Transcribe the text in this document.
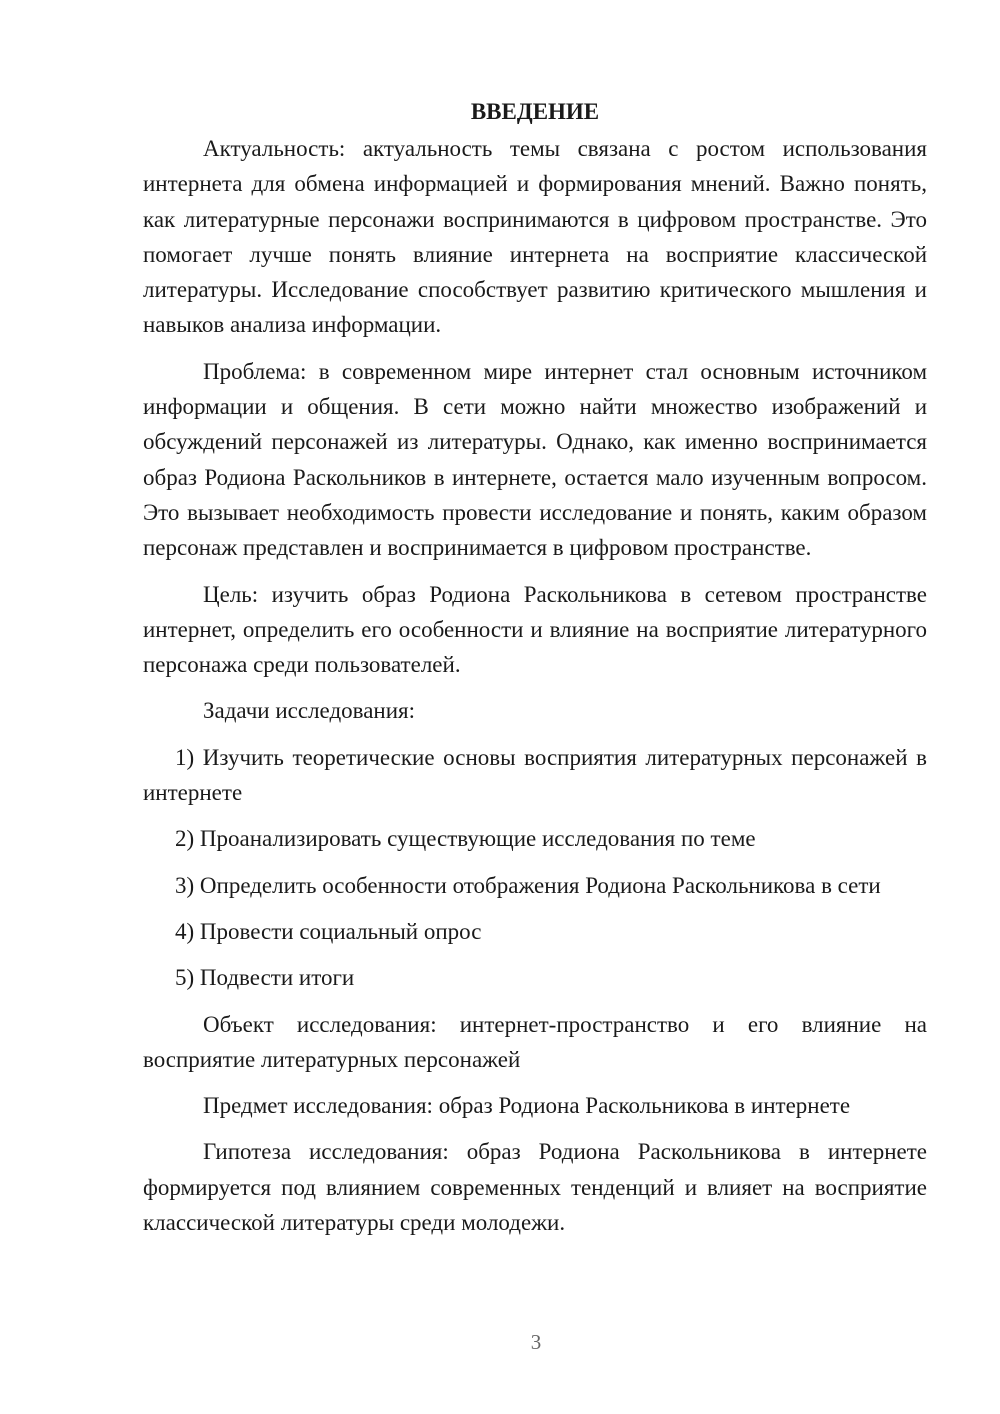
ВВЕДЕНИЕ

Актуальность: актуальность темы связана с ростом использования интернета для обмена информацией и формирования мнений. Важно понять, как литературные персонажи воспринимаются в цифровом пространстве. Это помогает лучше понять влияние интернета на восприятие классической литературы. Исследование способствует развитию критического мышления и навыков анализа информации.

Проблема: в современном мире интернет стал основным источником информации и общения. В сети можно найти множество изображений и обсуждений персонажей из литературы. Однако, как именно воспринимается образ Родиона Раскольников в интернете, остается мало изученным вопросом. Это вызывает необходимость провести исследование и понять, каким образом персонаж представлен и воспринимается в цифровом пространстве.

Цель: изучить образ Родиона Раскольникова в сетевом пространстве интернет, определить его особенности и влияние на восприятие литературного персонажа среди пользователей.

Задачи исследования:

1) Изучить теоретические основы восприятия литературных персонажей в интернете

2) Проанализировать существующие исследования по теме

3) Определить особенности отображения Родиона Раскольникова в сети

4) Провести социальный опрос

5) Подвести итоги

Объект исследования: интернет-пространство и его влияние на восприятие литературных персонажей

Предмет исследования: образ Родиона Раскольникова в интернете

Гипотеза исследования: образ Родиона Раскольникова в интернете формируется под влиянием современных тенденций и влияет на восприятие классической литературы среди молодежи.

3
